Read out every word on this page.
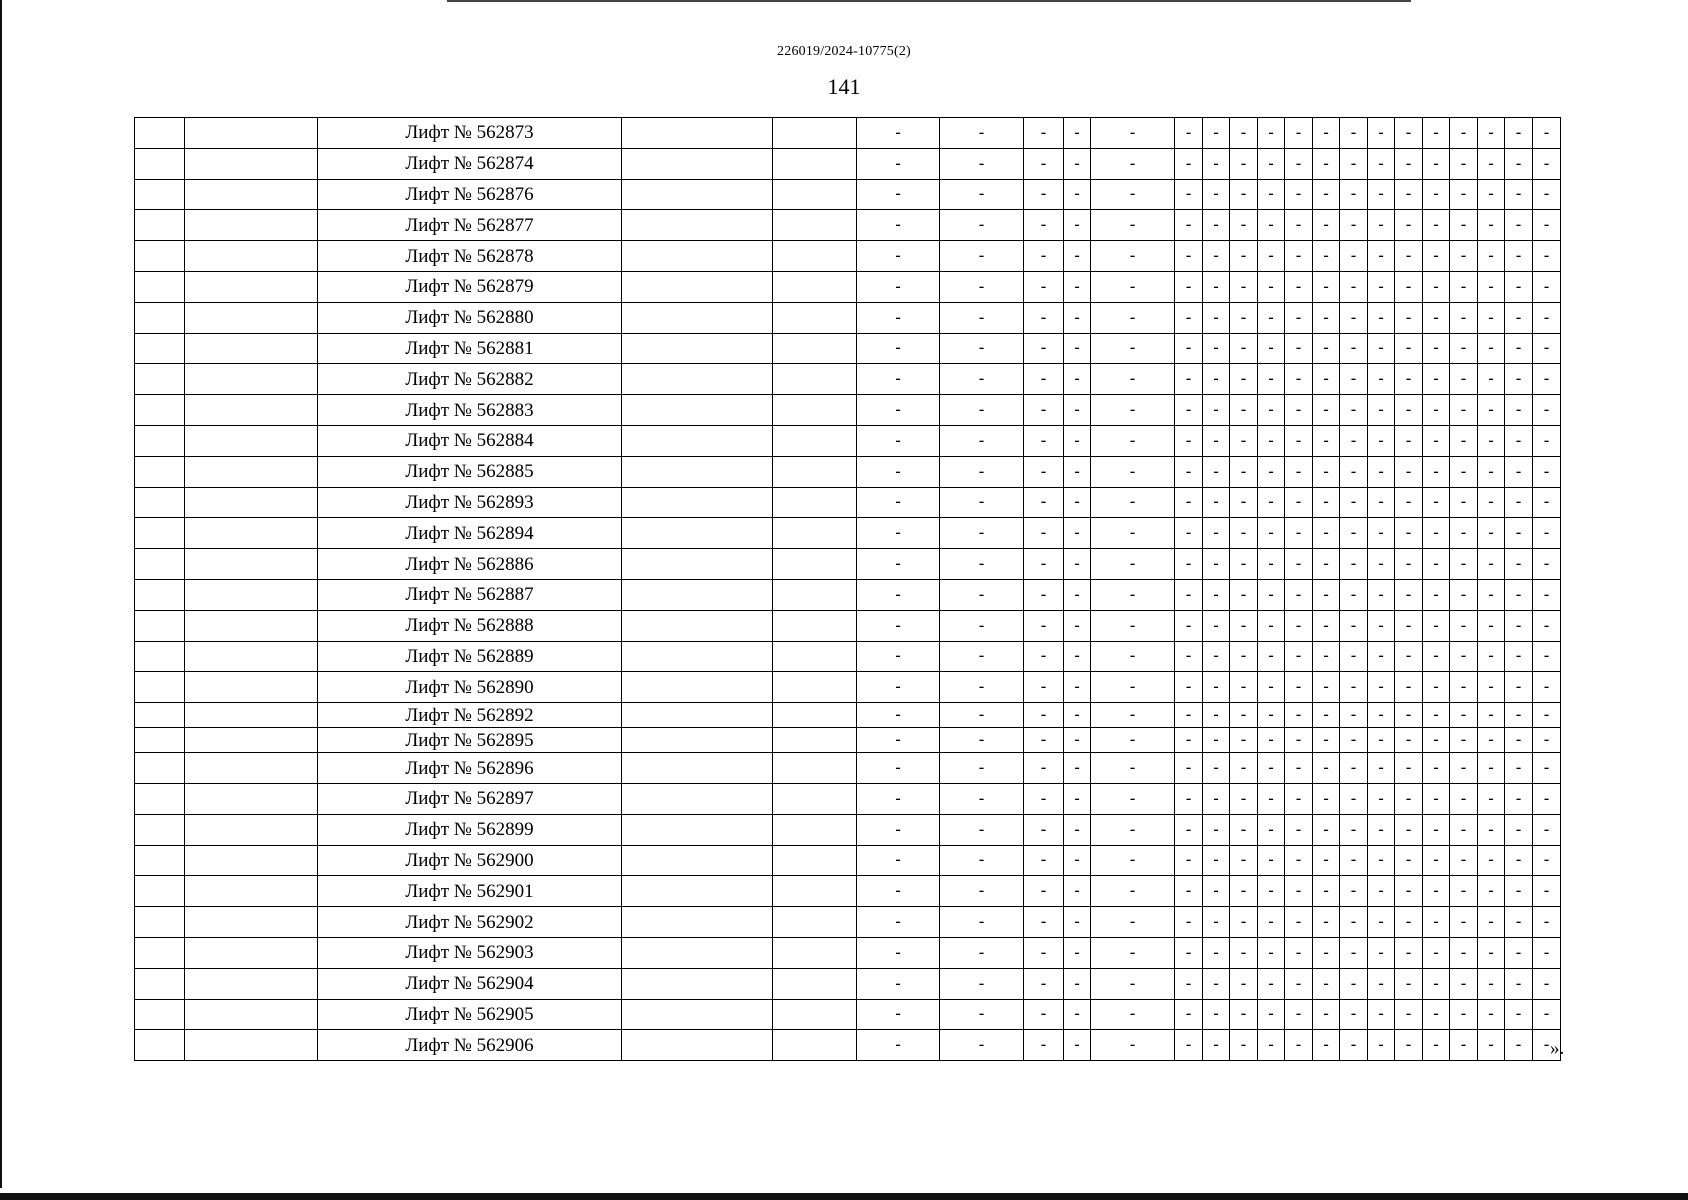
226019/2024-10775(2)
141
		Лифт № 562873			-	-	-	-	-	-	-	-	-	-	-	-	-	-	-	-	-	-	-
		Лифт № 562874			-	-	-	-	-	-	-	-	-	-	-	-	-	-	-	-	-	-	-
		Лифт № 562876			-	-	-	-	-	-	-	-	-	-	-	-	-	-	-	-	-	-	-
		Лифт № 562877			-	-	-	-	-	-	-	-	-	-	-	-	-	-	-	-	-	-	-
		Лифт № 562878			-	-	-	-	-	-	-	-	-	-	-	-	-	-	-	-	-	-	-
		Лифт № 562879			-	-	-	-	-	-	-	-	-	-	-	-	-	-	-	-	-	-	-
		Лифт № 562880			-	-	-	-	-	-	-	-	-	-	-	-	-	-	-	-	-	-	-
		Лифт № 562881			-	-	-	-	-	-	-	-	-	-	-	-	-	-	-	-	-	-	-
		Лифт № 562882			-	-	-	-	-	-	-	-	-	-	-	-	-	-	-	-	-	-	-
		Лифт № 562883			-	-	-	-	-	-	-	-	-	-	-	-	-	-	-	-	-	-	-
		Лифт № 562884			-	-	-	-	-	-	-	-	-	-	-	-	-	-	-	-	-	-	-
		Лифт № 562885			-	-	-	-	-	-	-	-	-	-	-	-	-	-	-	-	-	-	-
		Лифт № 562893			-	-	-	-	-	-	-	-	-	-	-	-	-	-	-	-	-	-	-
		Лифт № 562894			-	-	-	-	-	-	-	-	-	-	-	-	-	-	-	-	-	-	-
		Лифт № 562886			-	-	-	-	-	-	-	-	-	-	-	-	-	-	-	-	-	-	-
		Лифт № 562887			-	-	-	-	-	-	-	-	-	-	-	-	-	-	-	-	-	-	-
		Лифт № 562888			-	-	-	-	-	-	-	-	-	-	-	-	-	-	-	-	-	-	-
		Лифт № 562889			-	-	-	-	-	-	-	-	-	-	-	-	-	-	-	-	-	-	-
		Лифт № 562890			-	-	-	-	-	-	-	-	-	-	-	-	-	-	-	-	-	-	-
		Лифт № 562892			-	-	-	-	-	-	-	-	-	-	-	-	-	-	-	-	-	-	-
		Лифт № 562895			-	-	-	-	-	-	-	-	-	-	-	-	-	-	-	-	-	-	-
		Лифт № 562896			-	-	-	-	-	-	-	-	-	-	-	-	-	-	-	-	-	-	-
		Лифт № 562897			-	-	-	-	-	-	-	-	-	-	-	-	-	-	-	-	-	-	-
		Лифт № 562899			-	-	-	-	-	-	-	-	-	-	-	-	-	-	-	-	-	-	-
		Лифт № 562900			-	-	-	-	-	-	-	-	-	-	-	-	-	-	-	-	-	-	-
		Лифт № 562901			-	-	-	-	-	-	-	-	-	-	-	-	-	-	-	-	-	-	-
		Лифт № 562902			-	-	-	-	-	-	-	-	-	-	-	-	-	-	-	-	-	-	-
		Лифт № 562903			-	-	-	-	-	-	-	-	-	-	-	-	-	-	-	-	-	-	-
		Лифт № 562904			-	-	-	-	-	-	-	-	-	-	-	-	-	-	-	-	-	-	-
		Лифт № 562905			-	-	-	-	-	-	-	-	-	-	-	-	-	-	-	-	-	-	-
		Лифт № 562906			-	-	-	-	-	-	-	-	-	-	-	-	-	-	-	-	-	-	- ».
